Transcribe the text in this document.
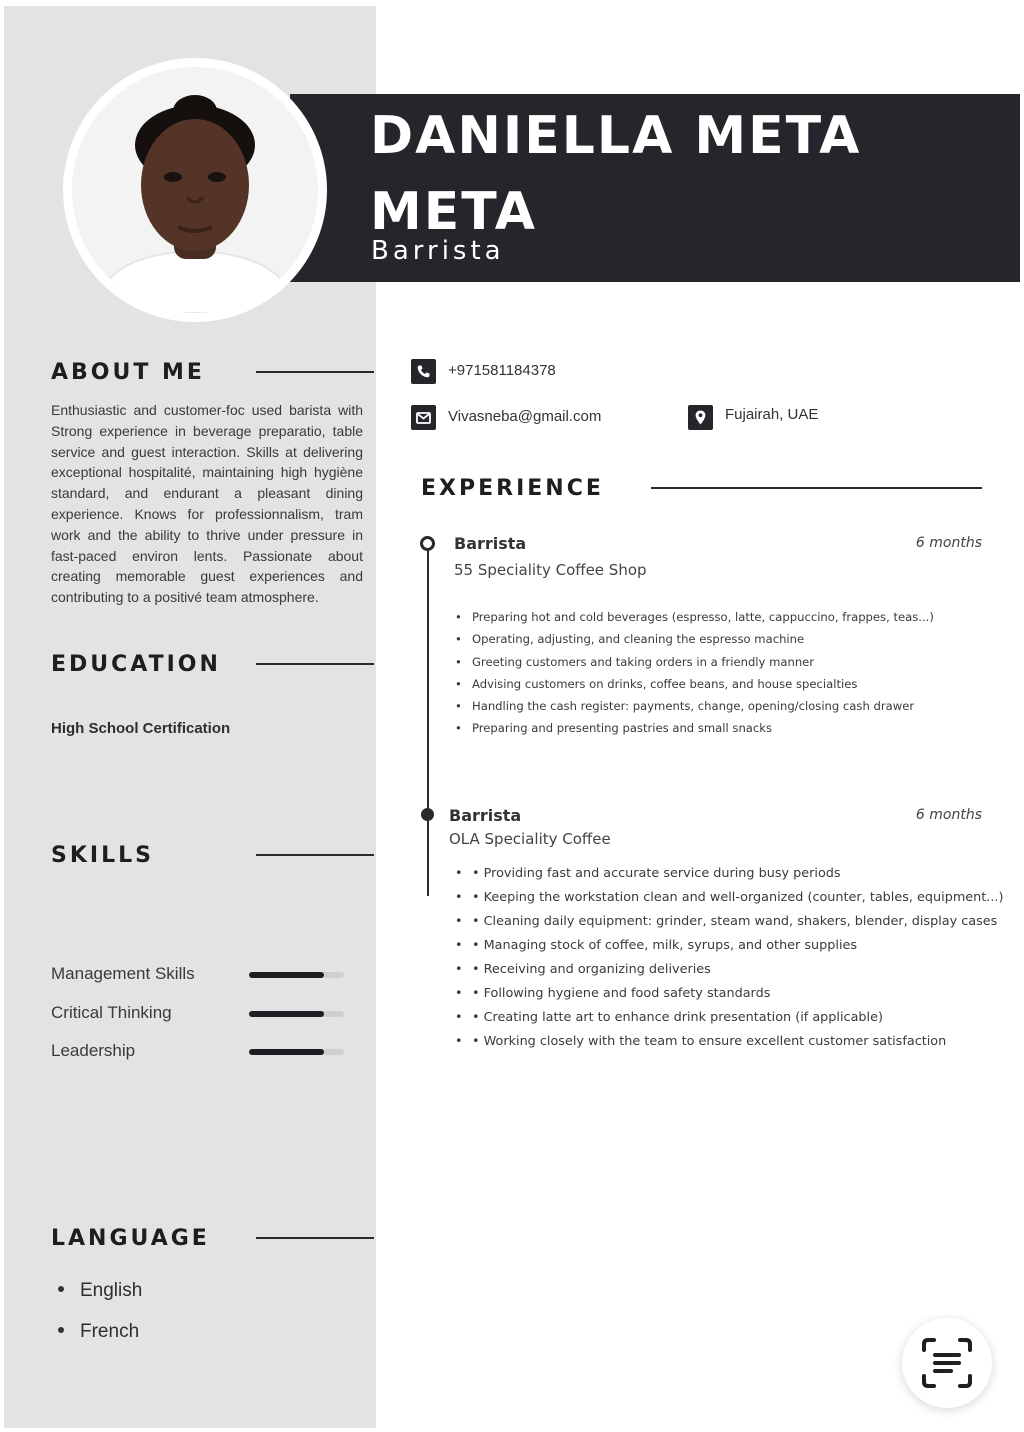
DANIELLA META META
Barrista
ABOUT ME
Enthusiastic and customer-foc used barista with Strong experience in beverage preparatio, table service and guest interaction. Skills at delivering exceptional hospitalité, maintaining high hygiène standard, and endurant a pleasant dining experience. Knows for professionnalism, tram work and the ability to thrive under pressure in fast-paced environ lents. Passionate about creating memorable guest experiences and contributing to a positivé team atmosphere.
EDUCATION
High School Certification
SKILLS
Management Skills
Critical Thinking
Leadership
LANGUAGE
English
French
+971581184378
Vivasneba@gmail.com	Fujairah, UAE
EXPERIENCE
Barrista	6 months
55 Speciality Coffee Shop
• Preparing hot and cold beverages (espresso, latte, cappuccino, frappes, teas...)
• Operating, adjusting, and cleaning the espresso machine
• Greeting customers and taking orders in a friendly manner
• Advising customers on drinks, coffee beans, and house specialties
• Handling the cash register: payments, change, opening/closing cash drawer
• Preparing and presenting pastries and small snacks
Barrista	6 months
OLA Speciality Coffee
• • Providing fast and accurate service during busy periods
• • Keeping the workstation clean and well-organized (counter, tables, equipment...)
• • Cleaning daily equipment: grinder, steam wand, shakers, blender, display cases
• • Managing stock of coffee, milk, syrups, and other supplies
• • Receiving and organizing deliveries
• • Following hygiene and food safety standards
• • Creating latte art to enhance drink presentation (if applicable)
• • Working closely with the team to ensure excellent customer satisfaction
